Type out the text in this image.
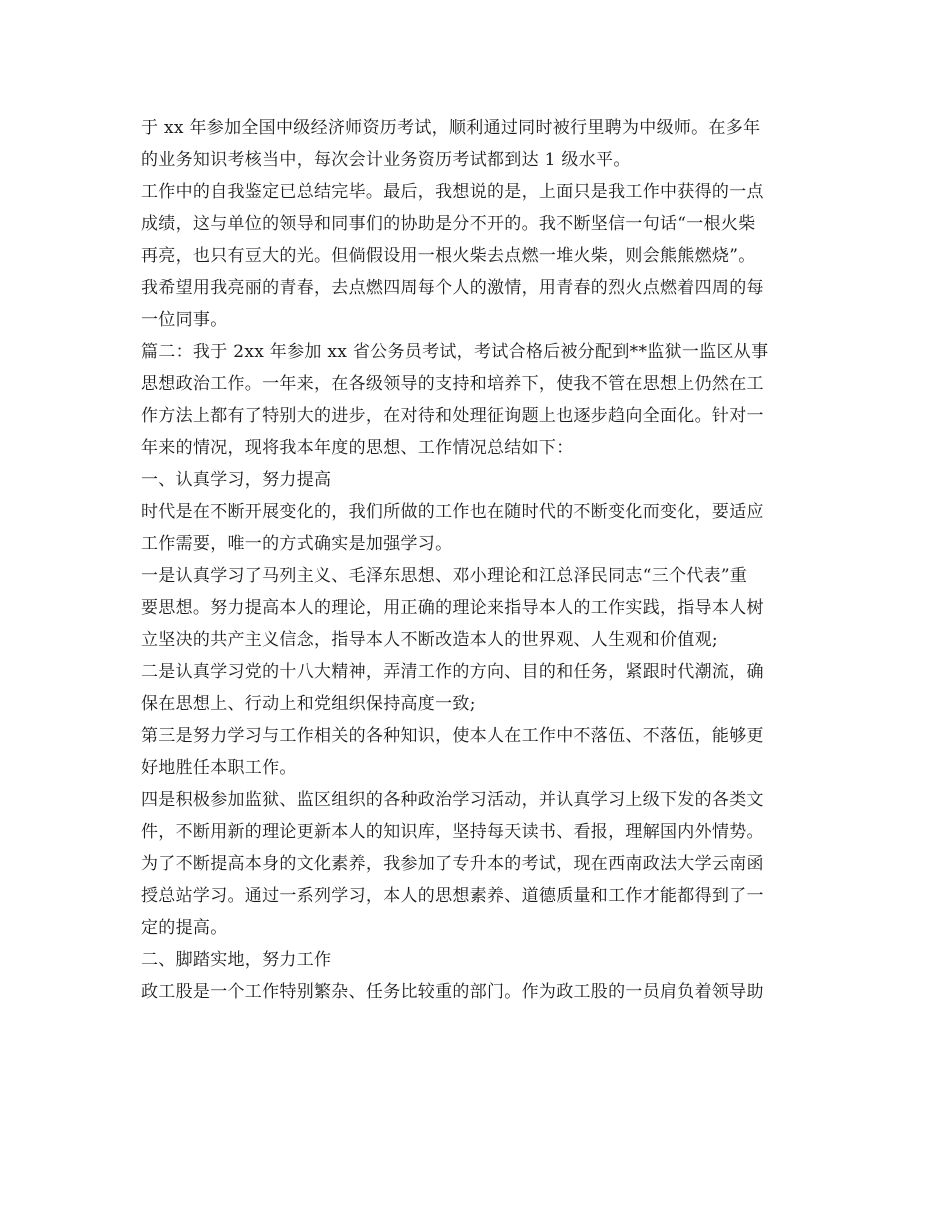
于 xx 年参加全国中级经济师资历考试，顺利通过同时被行里聘为中级师。在多年
的业务知识考核当中，每次会计业务资历考试都到达 1 级水平。
工作中的自我鉴定已总结完毕。最后，我想说的是，上面只是我工作中获得的一点
成绩，这与单位的领导和同事们的协助是分不开的。我不断坚信一句话“一根火柴
再亮，也只有豆大的光。但倘假设用一根火柴去点燃一堆火柴，则会熊熊燃烧”。
我希望用我亮丽的青春，去点燃四周每个人的激情，用青春的烈火点燃着四周的每
一位同事。
篇二：我于 2xx 年参加 xx 省公务员考试，考试合格后被分配到**监狱一监区从事
思想政治工作。一年来，在各级领导的支持和培养下，使我不管在思想上仍然在工
作方法上都有了特别大的进步，在对待和处理征询题上也逐步趋向全面化。针对一
年来的情况，现将我本年度的思想、工作情况总结如下：
一、认真学习，努力提高
时代是在不断开展变化的，我们所做的工作也在随时代的不断变化而变化，要适应
工作需要，唯一的方式确实是加强学习。
一是认真学习了马列主义、毛泽东思想、邓小理论和江总泽民同志“三个代表”重
要思想。努力提高本人的理论，用正确的理论来指导本人的工作实践，指导本人树
立坚决的共产主义信念，指导本人不断改造本人的世界观、人生观和价值观;
二是认真学习党的十八大精神，弄清工作的方向、目的和任务，紧跟时代潮流，确
保在思想上、行动上和党组织保持高度一致;
第三是努力学习与工作相关的各种知识，使本人在工作中不落伍、不落伍，能够更
好地胜任本职工作。
四是积极参加监狱、监区组织的各种政治学习活动，并认真学习上级下发的各类文
件，不断用新的理论更新本人的知识库，坚持每天读书、看报，理解国内外情势。
为了不断提高本身的文化素养，我参加了专升本的考试，现在西南政法大学云南函
授总站学习。通过一系列学习，本人的思想素养、道德质量和工作才能都得到了一
定的提高。
二、脚踏实地，努力工作
政工股是一个工作特别繁杂、任务比较重的部门。作为政工股的一员肩负着领导助
